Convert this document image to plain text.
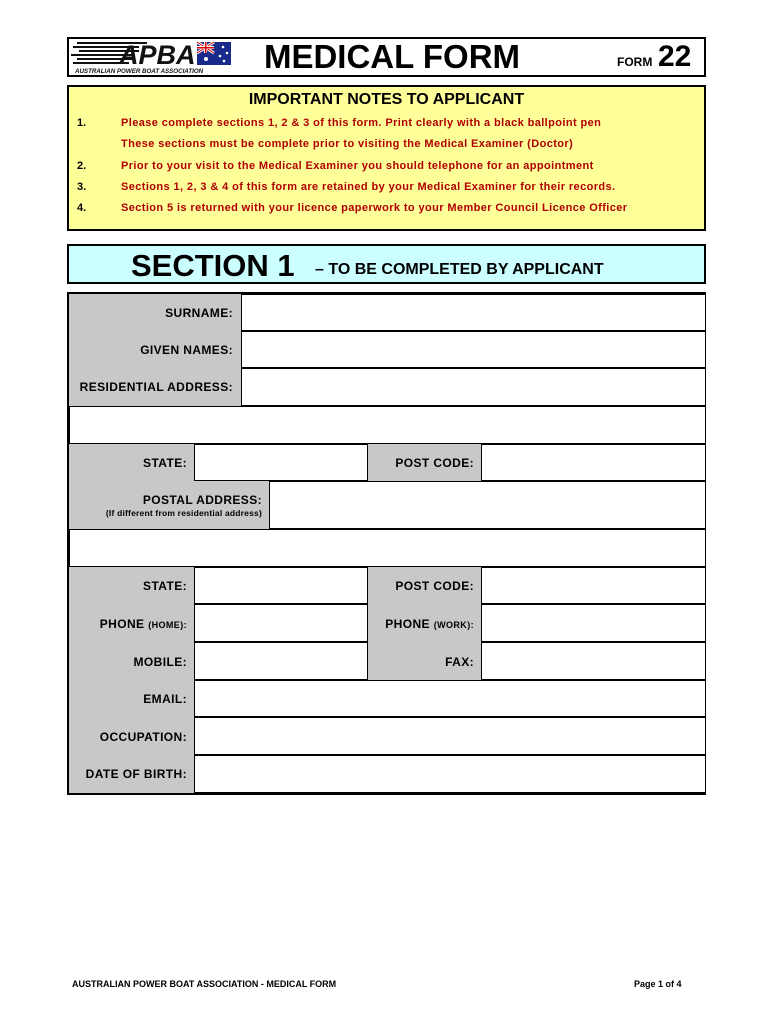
APBA
AUSTRALIAN POWER BOAT ASSOCIATION MEDICAL FORM	FORM 22
IMPORTANT NOTES TO APPLICANT
1.	Please complete sections 1, 2 & 3 of this form. Print clearly with a black ballpoint pen
These sections must be complete prior to visiting the Medical Examiner (Doctor)
2.	Prior to your visit to the Medical Examiner you should telephone for an appointment
3.	Sections 1, 2, 3 & 4 of this form are retained by your Medical Examiner for their records.
4.	Section 5 is returned with your licence paperwork to your Member Council Licence Officer
SECTION 1 – TO BE COMPLETED BY APPLICANT
SURNAME:
GIVEN NAMES:
RESIDENTIAL ADDRESS:
STATE:	POST CODE:
POSTAL ADDRESS:
(If different from residential address)
STATE:	POST CODE:
PHONE (HOME):	PHONE (WORK):
MOBILE:	FAX:
EMAIL:
OCCUPATION:
DATE OF BIRTH:
AUSTRALIAN POWER BOAT ASSOCIATION - MEDICAL FORM	Page 1 of 4
